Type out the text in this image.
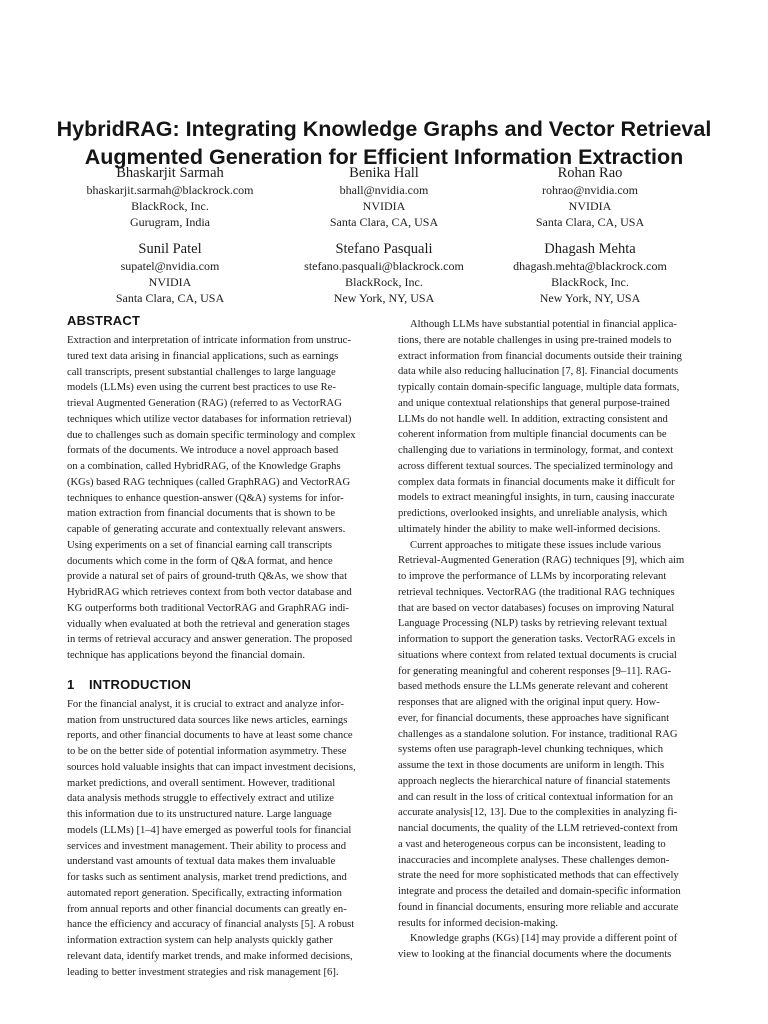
HybridRAG: Integrating Knowledge Graphs and Vector Retrieval
Augmented Generation for Efficient Information Extraction
Bhaskarjit Sarmah
bhaskarjit.sarmah@blackrock.com
BlackRock, Inc.
Gurugram, India
Benika Hall
bhall@nvidia.com
NVIDIA
Santa Clara, CA, USA
Rohan Rao
rohrao@nvidia.com
NVIDIA
Santa Clara, CA, USA
Sunil Patel
supatel@nvidia.com
NVIDIA
Santa Clara, CA, USA
Stefano Pasquali
stefano.pasquali@blackrock.com
BlackRock, Inc.
New York, NY, USA
Dhagash Mehta
dhagash.mehta@blackrock.com
BlackRock, Inc.
New York, NY, USA
ABSTRACT
Extraction and interpretation of intricate information from unstruc-
tured text data arising in financial applications, such as earnings
call transcripts, present substantial challenges to large language
models (LLMs) even using the current best practices to use Re-
trieval Augmented Generation (RAG) (referred to as VectorRAG
techniques which utilize vector databases for information retrieval)
due to challenges such as domain specific terminology and complex
formats of the documents. We introduce a novel approach based
on a combination, called HybridRAG, of the Knowledge Graphs
(KGs) based RAG techniques (called GraphRAG) and VectorRAG
techniques to enhance question-answer (Q&A) systems for infor-
mation extraction from financial documents that is shown to be
capable of generating accurate and contextually relevant answers.
Using experiments on a set of financial earning call transcripts
documents which come in the form of Q&A format, and hence
provide a natural set of pairs of ground-truth Q&As, we show that
HybridRAG which retrieves context from both vector database and
KG outperforms both traditional VectorRAG and GraphRAG indi-
vidually when evaluated at both the retrieval and generation stages
in terms of retrieval accuracy and answer generation. The proposed
technique has applications beyond the financial domain.
1 INTRODUCTION
For the financial analyst, it is crucial to extract and analyze infor-
mation from unstructured data sources like news articles, earnings
reports, and other financial documents to have at least some chance
to be on the better side of potential information asymmetry. These
sources hold valuable insights that can impact investment decisions,
market predictions, and overall sentiment. However, traditional
data analysis methods struggle to effectively extract and utilize
this information due to its unstructured nature. Large language
models (LLMs) [1–4] have emerged as powerful tools for financial
services and investment management. Their ability to process and
understand vast amounts of textual data makes them invaluable
for tasks such as sentiment analysis, market trend predictions, and
automated report generation. Specifically, extracting information
from annual reports and other financial documents can greatly en-
hance the efficiency and accuracy of financial analysts [5]. A robust
information extraction system can help analysts quickly gather
relevant data, identify market trends, and make informed decisions,
leading to better investment strategies and risk management [6].
Although LLMs have substantial potential in financial applica-
tions, there are notable challenges in using pre-trained models to
extract information from financial documents outside their training
data while also reducing hallucination [7, 8]. Financial documents
typically contain domain-specific language, multiple data formats,
and unique contextual relationships that general purpose-trained
LLMs do not handle well. In addition, extracting consistent and
coherent information from multiple financial documents can be
challenging due to variations in terminology, format, and context
across different textual sources. The specialized terminology and
complex data formats in financial documents make it difficult for
models to extract meaningful insights, in turn, causing inaccurate
predictions, overlooked insights, and unreliable analysis, which
ultimately hinder the ability to make well-informed decisions.
Current approaches to mitigate these issues include various
Retrieval-Augmented Generation (RAG) techniques [9], which aim
to improve the performance of LLMs by incorporating relevant
retrieval techniques. VectorRAG (the traditional RAG techniques
that are based on vector databases) focuses on improving Natural
Language Processing (NLP) tasks by retrieving relevant textual
information to support the generation tasks. VectorRAG excels in
situations where context from related textual documents is crucial
for generating meaningful and coherent responses [9–11]. RAG-
based methods ensure the LLMs generate relevant and coherent
responses that are aligned with the original input query. How-
ever, for financial documents, these approaches have significant
challenges as a standalone solution. For instance, traditional RAG
systems often use paragraph-level chunking techniques, which
assume the text in those documents are uniform in length. This
approach neglects the hierarchical nature of financial statements
and can result in the loss of critical contextual information for an
accurate analysis[12, 13]. Due to the complexities in analyzing fi-
nancial documents, the quality of the LLM retrieved-context from
a vast and heterogeneous corpus can be inconsistent, leading to
inaccuracies and incomplete analyses. These challenges demon-
strate the need for more sophisticated methods that can effectively
integrate and process the detailed and domain-specific information
found in financial documents, ensuring more reliable and accurate
results for informed decision-making.
Knowledge graphs (KGs) [14] may provide a different point of
view to looking at the financial documents where the documents
